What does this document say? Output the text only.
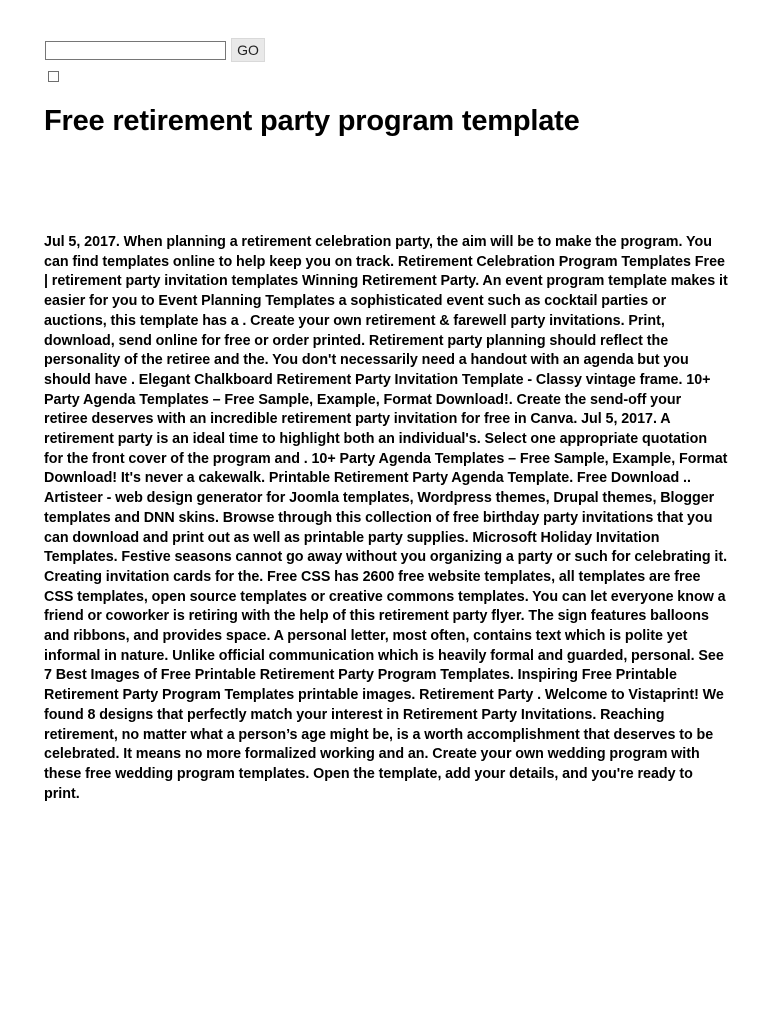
GO
Free retirement party program template

Jul 5, 2017. When planning a retirement celebration party, the aim will be to make the program. You can find templates online to help keep you on track. Retirement Celebration Program Templates Free | retirement party invitation templates Winning Retirement Party. An event program template makes it easier for you to Event Planning Templates a sophisticated event such as cocktail parties or auctions, this template has a . Create your own retirement & farewell party invitations. Print, download, send online for free or order printed. Retirement party planning should reflect the personality of the retiree and the. You don't necessarily need a handout with an agenda but you should have . Elegant Chalkboard Retirement Party Invitation Template - Classy vintage frame. 10+ Party Agenda Templates – Free Sample, Example, Format Download!. Create the send-off your retiree deserves with an incredible retirement party invitation for free in Canva. Jul 5, 2017. A retirement party is an ideal time to highlight both an individual's. Select one appropriate quotation for the front cover of the program and . 10+ Party Agenda Templates – Free Sample, Example, Format Download! It's never a cakewalk. Printable Retirement Party Agenda Template. Free Download .. Artisteer - web design generator for Joomla templates, Wordpress themes, Drupal themes, Blogger templates and DNN skins. Browse through this collection of free birthday party invitations that you can download and print out as well as printable party supplies. Microsoft Holiday Invitation Templates. Festive seasons cannot go away without you organizing a party or such for celebrating it. Creating invitation cards for the. Free CSS has 2600 free website templates, all templates are free CSS templates, open source templates or creative commons templates. You can let everyone know a friend or coworker is retiring with the help of this retirement party flyer. The sign features balloons and ribbons, and provides space. A personal letter, most often, contains text which is polite yet informal in nature. Unlike official communication which is heavily formal and guarded, personal. See 7 Best Images of Free Printable Retirement Party Program Templates. Inspiring Free Printable Retirement Party Program Templates printable images. Retirement Party . Welcome to Vistaprint! We found 8 designs that perfectly match your interest in Retirement Party Invitations. Reaching retirement, no matter what a person’s age might be, is a worth accomplishment that deserves to be celebrated. It means no more formalized working and an. Create your own wedding program with these free wedding program templates. Open the template, add your details, and you're ready to print.
